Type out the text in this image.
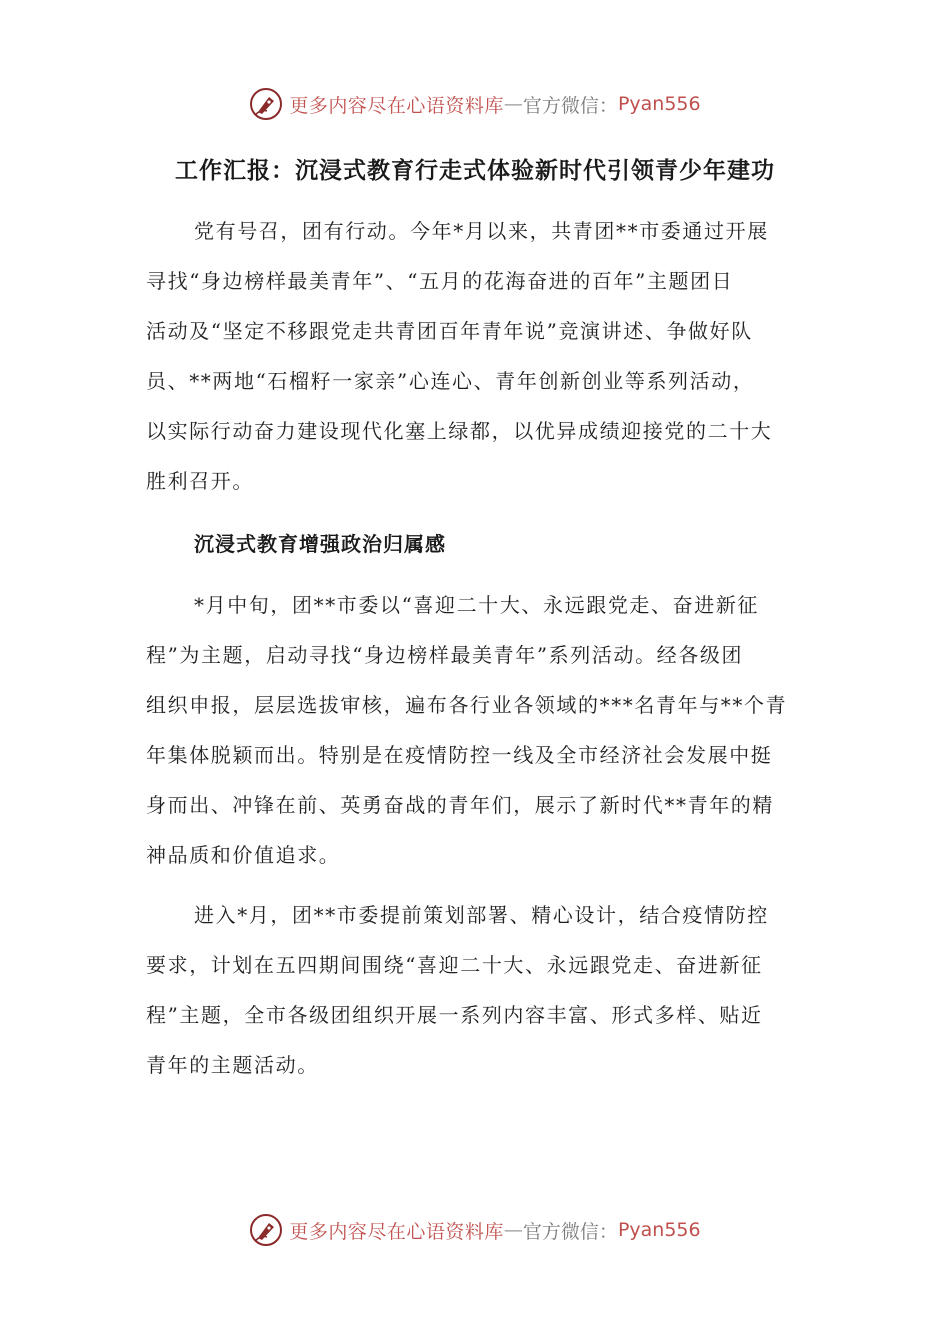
更多内容尽在心语资料库 — 官方微信： Pyan556
工作汇报：沉浸式教育行走式体验新时代引领青少年建功

党有号召，团有行动。今年*月以来，共青团**市委通过开展
寻找“身边榜样最美青年”、“五月的花海奋进的百年”主题团日
活动及“坚定不移跟党走共青团百年青年说”竞演讲述、争做好队
员、**两地“石榴籽一家亲”心连心、青年创新创业等系列活动，
以实际行动奋力建设现代化塞上绿都，以优异成绩迎接党的二十大
胜利召开。

沉浸式教育增强政治归属感

*月中旬，团**市委以“喜迎二十大、永远跟党走、奋进新征
程”为主题，启动寻找“身边榜样最美青年”系列活动。经各级团
组织申报，层层选拔审核，遍布各行业各领域的***名青年与**个青
年集体脱颖而出。特别是在疫情防控一线及全市经济社会发展中挺
身而出、冲锋在前、英勇奋战的青年们，展示了新时代**青年的精
神品质和价值追求。

进入*月，团**市委提前策划部署、精心设计，结合疫情防控
要求，计划在五四期间围绕“喜迎二十大、永远跟党走、奋进新征
程”主题，全市各级团组织开展一系列内容丰富、形式多样、贴近
青年的主题活动。

更多内容尽在心语资料库 — 官方微信： Pyan556
